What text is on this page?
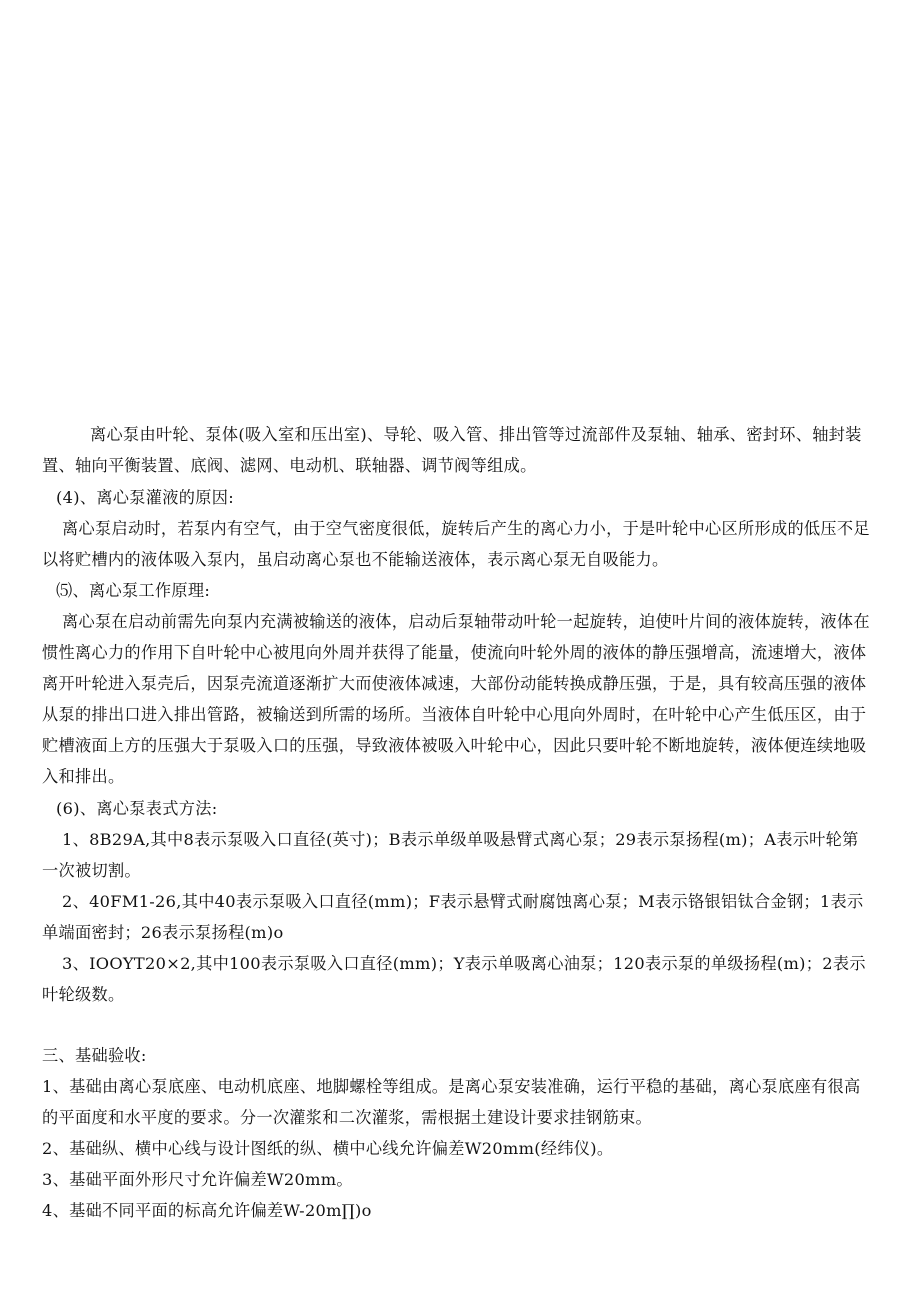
离心泵由叶轮、泵体(吸入室和压出室)、导轮、吸入管、排出管等过流部件及泵轴、轴承、密封环、轴封装置、轴向平衡装置、底阀、滤网、电动机、联轴器、调节阀等组成。

(4)、离心泵灌液的原因:

离心泵启动时，若泵内有空气，由于空气密度很低，旋转后产生的离心力小，于是叶轮中心区所形成的低压不足以将贮槽内的液体吸入泵内，虽启动离心泵也不能输送液体，表示离心泵无自吸能力。

⑸、离心泵工作原理:

离心泵在启动前需先向泵内充满被输送的液体，启动后泵轴带动叶轮一起旋转，迫使叶片间的液体旋转，液体在惯性离心力的作用下自叶轮中心被甩向外周并获得了能量，使流向叶轮外周的液体的静压强增高，流速增大，液体离开叶轮进入泵壳后，因泵壳流道逐渐扩大而使液体减速，大部份动能转换成静压强，于是，具有较高压强的液体从泵的排出口进入排出管路，被输送到所需的场所。当液体自叶轮中心甩向外周时，在叶轮中心产生低压区，由于贮槽液面上方的压强大于泵吸入口的压强，导致液体被吸入叶轮中心，因此只要叶轮不断地旋转，液体便连续地吸入和排出。

(6)、离心泵表式方法:

1、8B29A,其中8表示泵吸入口直径(英寸)；B表示单级单吸悬臂式离心泵；29表示泵扬程(m)；A表示叶轮第一次被切割。

2、40FM1-26,其中40表示泵吸入口直径(mm)；F表示悬臂式耐腐蚀离心泵；M表示铬银铝钛合金钢；1表示单端面密封；26表示泵扬程(m)o

3、IOOYT20×2,其中100表示泵吸入口直径(mm)；Y表示单吸离心油泵；120表示泵的单级扬程(m)；2表示叶轮级数。

三、基础验收:

1、基础由离心泵底座、电动机底座、地脚螺栓等组成。是离心泵安装准确，运行平稳的基础，离心泵底座有很高的平面度和水平度的要求。分一次灌浆和二次灌浆，需根据土建设计要求挂钢筋束。

2、基础纵、横中心线与设计图纸的纵、横中心线允许偏差W20mm(经纬仪)。

3、基础平面外形尺寸允许偏差W20mm。

4、基础不同平面的标高允许偏差W-20m∏)o
